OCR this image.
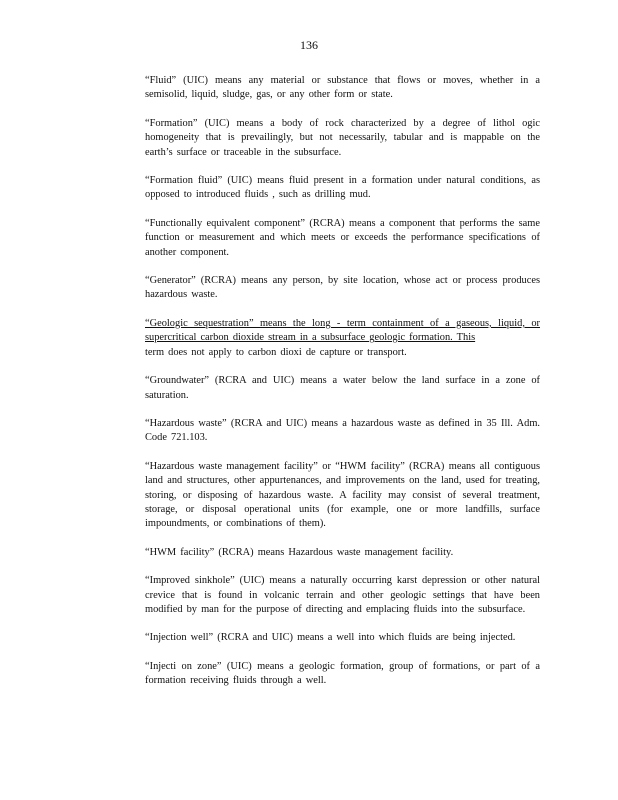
136

“Fluid” (UIC) means any material or substance that flows or moves, whether in a semisolid, liquid, sludge, gas, or any other form or state.

“Formation” (UIC) means a body of rock characterized by a degree of lithol ogic homogeneity that is prevailingly, but not necessarily, tabular and is mappable on the earth’s surface or traceable in the subsurface.

“Formation fluid” (UIC) means fluid present in a formation under natural conditions, as opposed to introduced fluids , such as drilling mud.

“Functionally equivalent component” (RCRA) means a component that performs the same function or measurement and which meets or exceeds the performance specifications of another component.

“Generator” (RCRA) means any person, by site location, whose act or process produces hazardous waste.

“Geologic sequestration” means the long - term containment of a gaseous, liquid, or supercritical carbon dioxide stream in a subsurface geologic formation. This
term does not apply to carbon dioxi de capture or transport.

“Groundwater” (RCRA and UIC) means a water below the land surface in a zone of saturation.

“Hazardous waste” (RCRA and UIC) means a hazardous waste as defined in 35 Ill. Adm. Code 721.103.

“Hazardous waste management facility” or “HWM facility” (RCRA) means all contiguous land and structures, other appurtenances, and improvements on the land, used for treating, storing, or disposing of hazardous waste. A facility may consist of several treatment, storage, or disposal operational units (for example, one or more landfills, surface impoundments, or combinations of them).

“HWM facility” (RCRA) means Hazardous waste management facility.

“Improved sinkhole” (UIC) means a naturally occurring karst depression or other natural crevice that is found in volcanic terrain and other geologic settings that have been modified by man for the purpose of directing and emplacing fluids into the subsurface.

“Injection well” (RCRA and UIC) means a well into which fluids are being injected.

“Injecti on zone” (UIC) means a geologic formation, group of formations, or part of a formation receiving fluids through a well.
